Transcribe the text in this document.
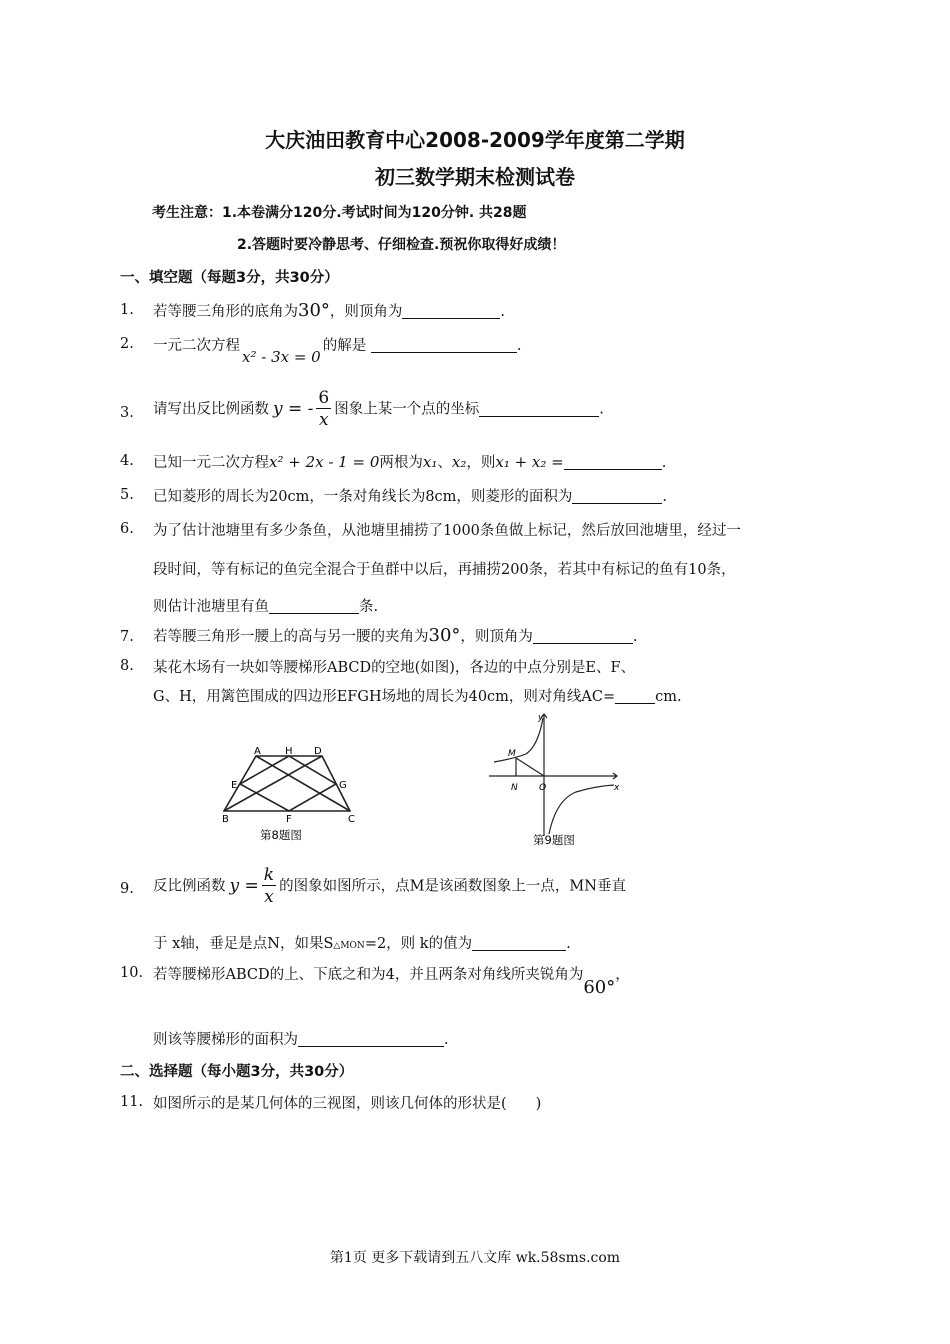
大庆油田教育中心2008-2009学年度第二学期
初三数学期末检测试卷
考生注意：1.本卷满分120分.考试时间为120分钟. 共28题
2.答题时要冷静思考、仔细检查.预祝你取得好成绩！
一、填空题（每题3分，共30分）
1. 若等腰三角形的底角为30°，则顶角为	.
2. 一元二次方程x² - 3x = 0的解是	.
3. 请写出反比例函数 y = - $\frac{6}{x}$ 图象上某一个点的坐标	.
4. 已知一元二次方程x² + 2x - 1 = 0两根为x₁、x₂，则x₁ + x₂ =	.
5. 已知菱形的周长为20cm，一条对角线长为8cm，则菱形的面积为	.
6. 为了估计池塘里有多少条鱼，从池塘里捕捞了1000条鱼做上标记，然后放回池塘里，经过一
段时间，等有标记的鱼完全混合于鱼群中以后，再捕捞200条，若其中有标记的鱼有10条，
则估计池塘里有鱼	条.
7. 若等腰三角形一腰上的高与另一腰的夹角为30°，则顶角为	.
8. 某花木场有一块如等腰梯形ABCD的空地(如图)，各边的中点分别是E、F、
G、H，用篱笆围成的四边形EFGH场地的周长为40cm，则对角线AC=	cm.
A H D
E	G
B	F	C
第8题图
y
M
N O	x
第9题图
9. 反比例函数 $y = \frac{k}{x}$ 的图象如图所示，点M是该函数图象上一点，MN垂直
于 x轴，垂足是点N，如果S△MON=2，则 k的值为	.
10. 若等腰梯形ABCD的上、下底之和为4，并且两条对角线所夹锐角为60°，
则该等腰梯形的面积为	.
二、选择题（每小题3分，共30分）
11. 如图所示的是某几何体的三视图，则该几何体的形状是(　　)
第1页 更多下载请到五八文库 wk.58sms.com
